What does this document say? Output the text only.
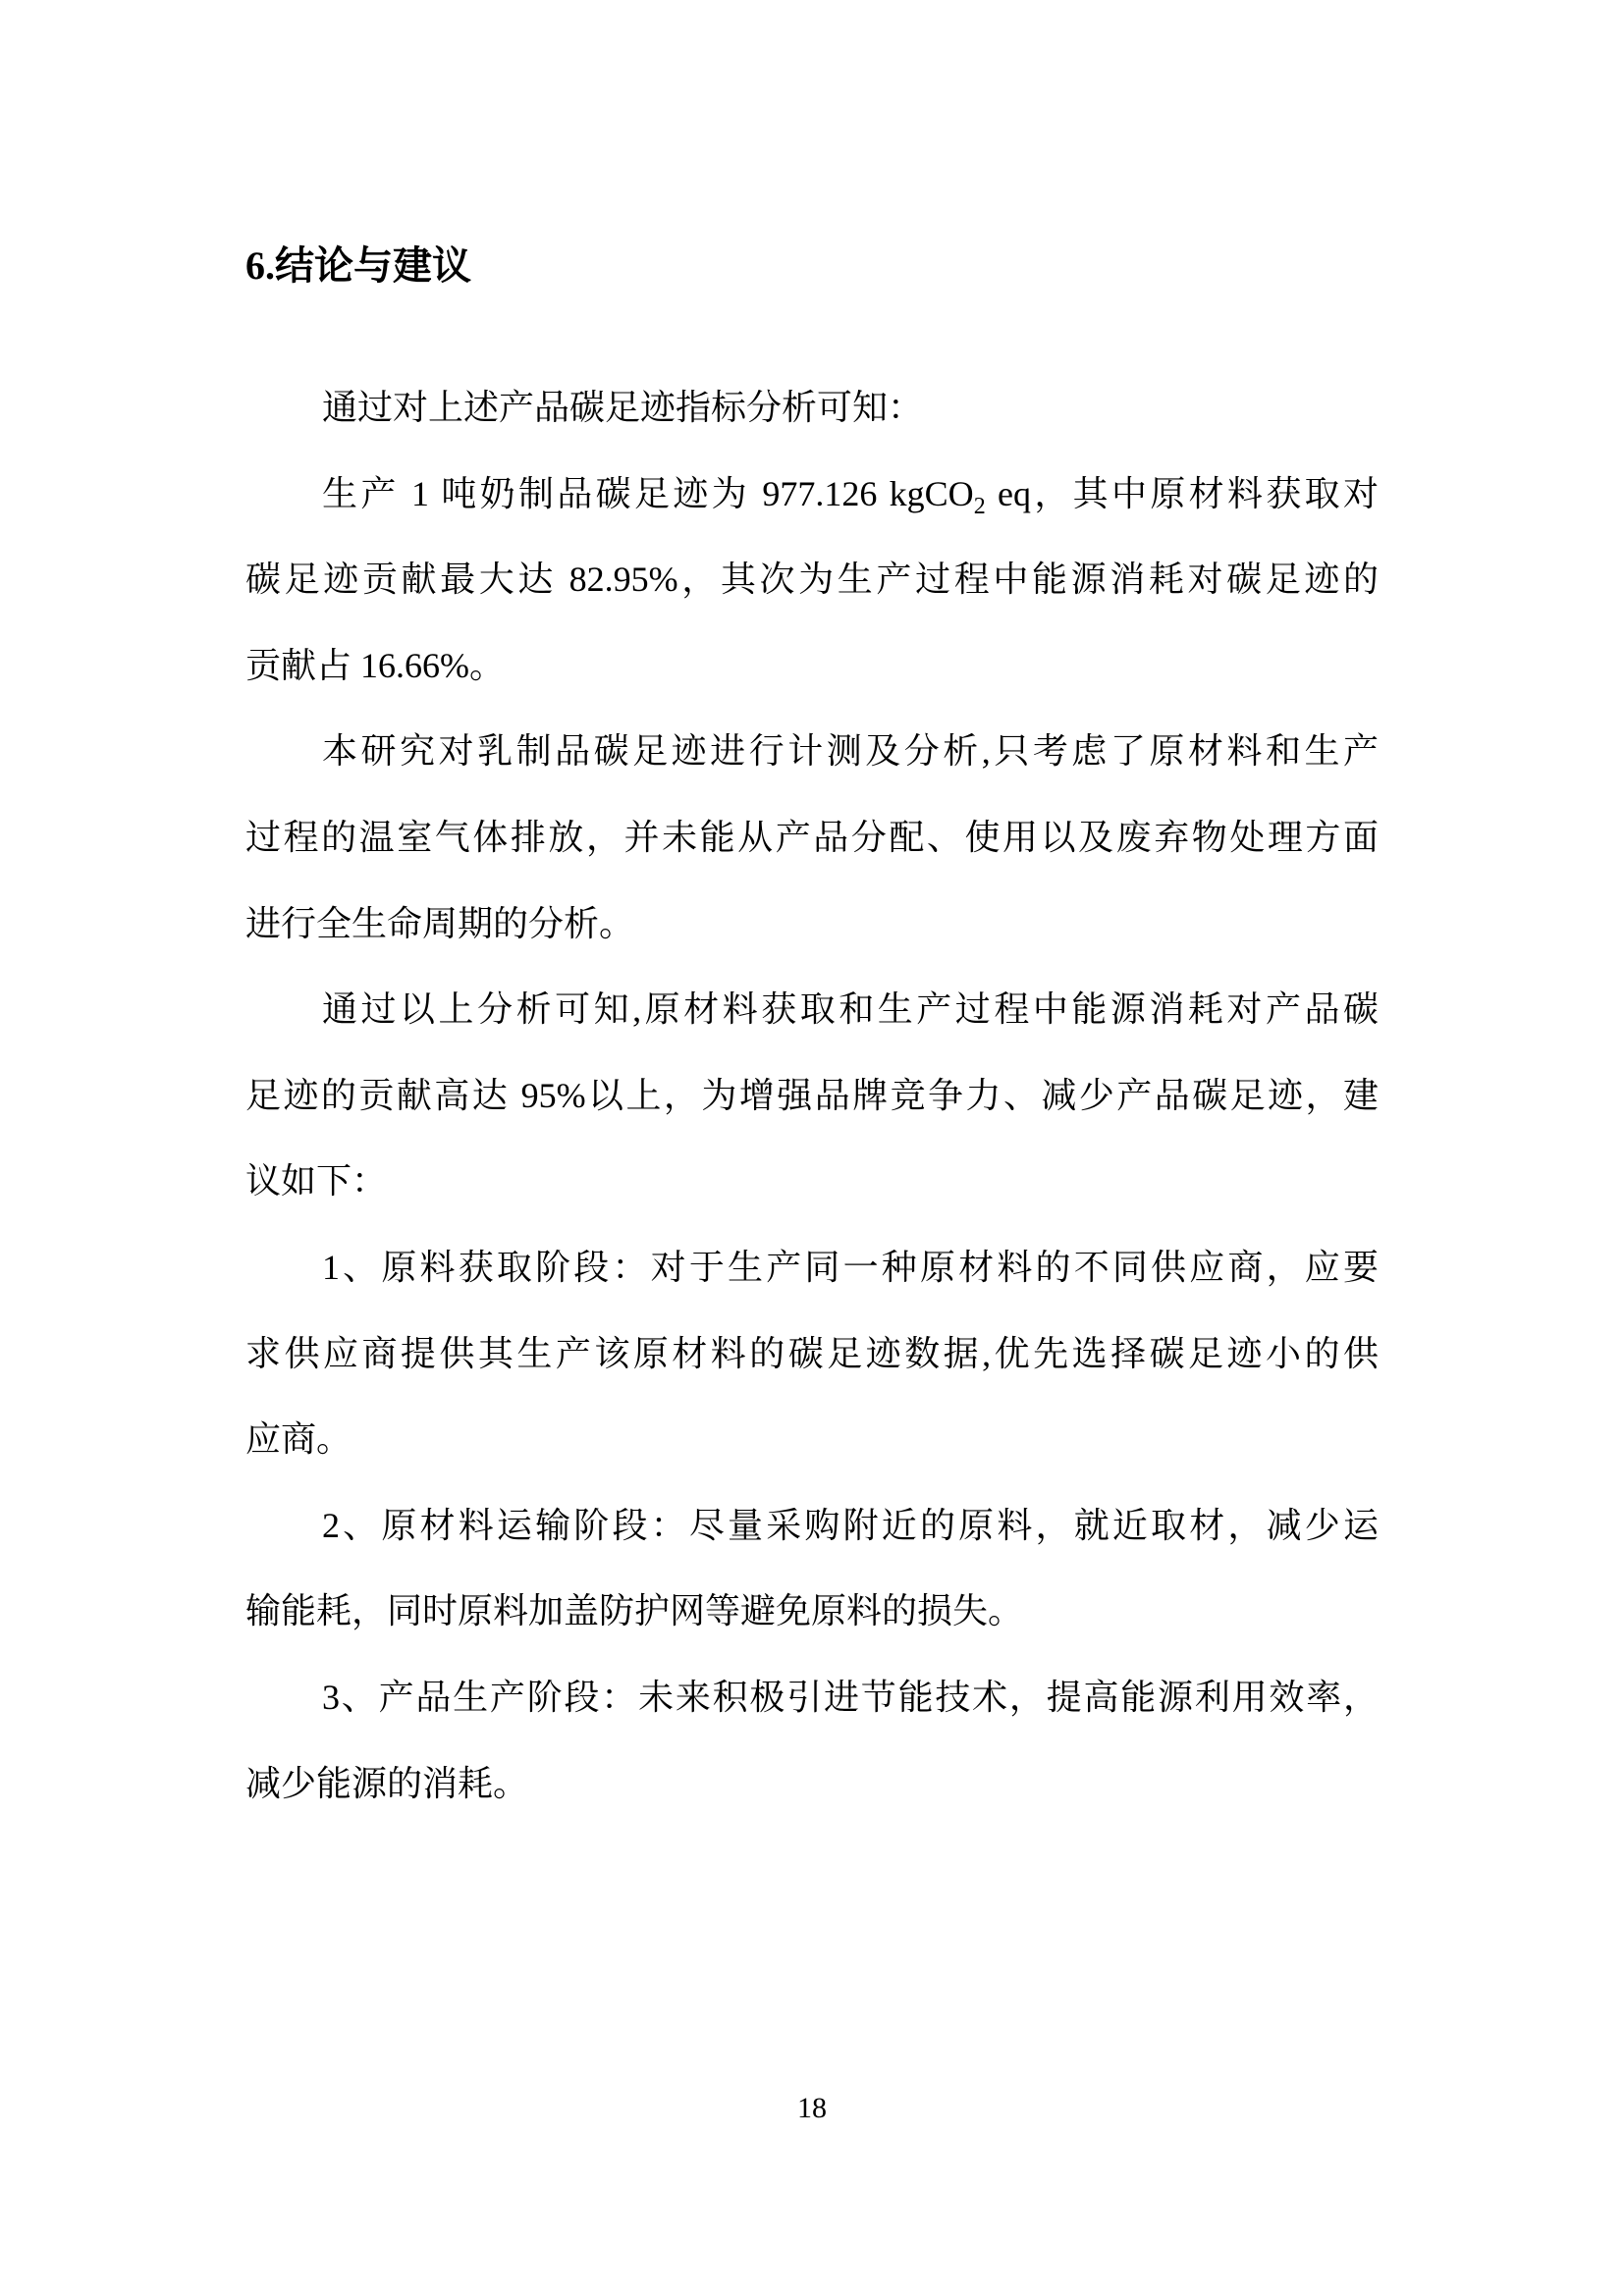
6.结论与建议
通过对上述产品碳足迹指标分析可知：
生产 1 吨奶制品碳足迹为 977.126 kgCO$_2$ eq，其中原材料获取对
碳足迹贡献最大达 82.95%，其次为生产过程中能源消耗对碳足迹的
贡献占 16.66%。
本研究对乳制品碳足迹进行计测及分析,只考虑了原材料和生产
过程的温室气体排放，并未能从产品分配、使用以及废弃物处理方面
进行全生命周期的分析。
通过以上分析可知,原材料获取和生产过程中能源消耗对产品碳
足迹的贡献高达 95%以上，为增强品牌竞争力、减少产品碳足迹，建
议如下：
1、原料获取阶段：对于生产同一种原材料的不同供应商，应要
求供应商提供其生产该原材料的碳足迹数据,优先选择碳足迹小的供
应商。
2、原材料运输阶段：尽量采购附近的原料，就近取材，减少运
输能耗，同时原料加盖防护网等避免原料的损失。
3、产品生产阶段：未来积极引进节能技术，提高能源利用效率，
减少能源的消耗。
18
